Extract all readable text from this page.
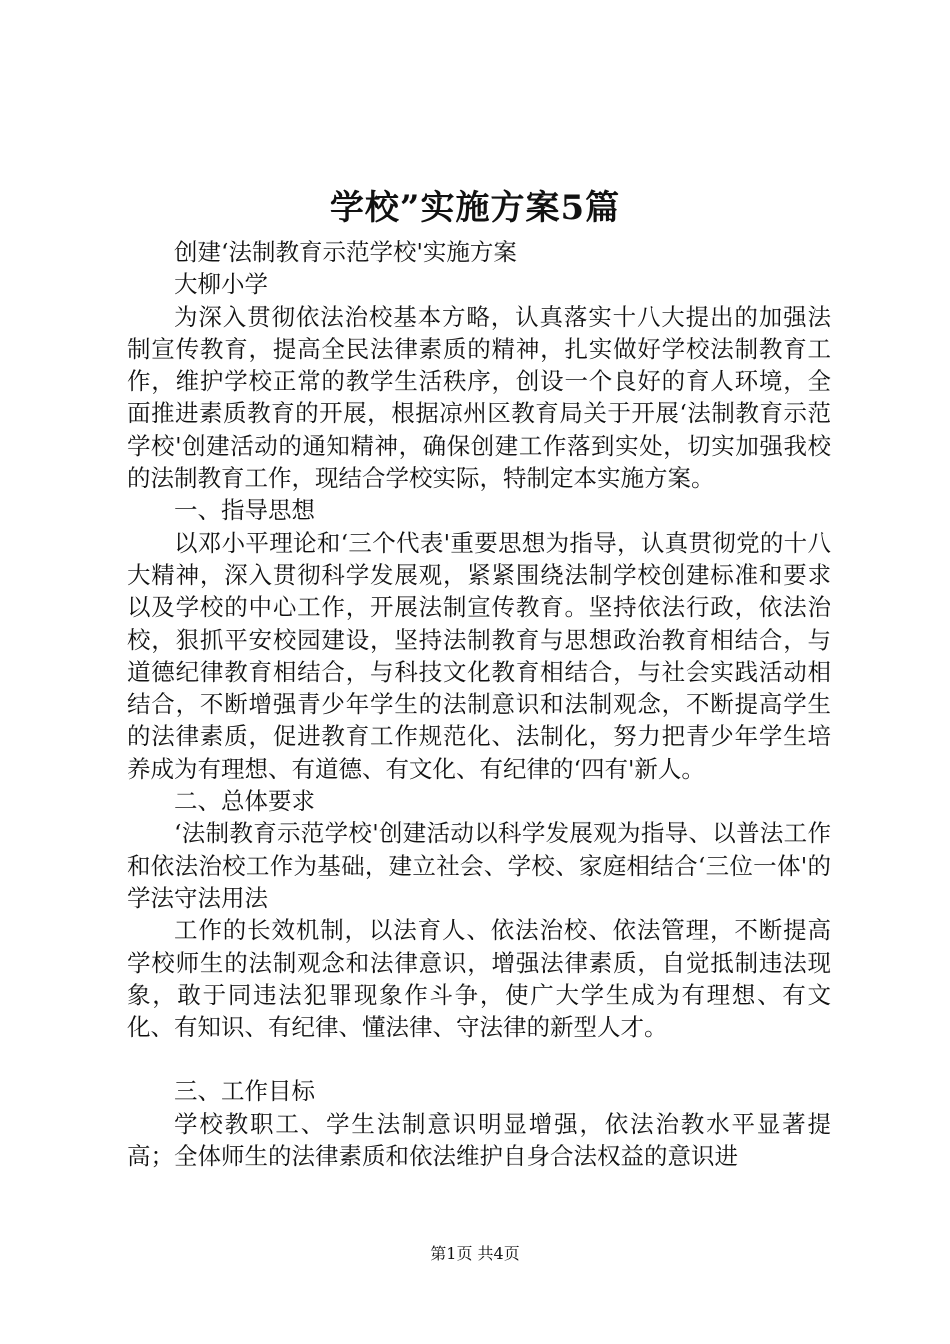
学校”实施方案5篇

创建‘法制教育示范学校'实施方案

大柳小学

为深入贯彻依法治校基本方略，认真落实十八大提出的加强法制宣传教育，提高全民法律素质的精神，扎实做好学校法制教育工作，维护学校正常的教学生活秩序，创设一个良好的育人环境，全面推进素质教育的开展，根据凉州区教育局关于开展‘法制教育示范学校'创建活动的通知精神，确保创建工作落到实处，切实加强我校的法制教育工作，现结合学校实际，特制定本实施方案。

一、指导思想

以邓小平理论和‘三个代表'重要思想为指导，认真贯彻党的十八大精神，深入贯彻科学发展观，紧紧围绕法制学校创建标准和要求以及学校的中心工作，开展法制宣传教育。坚持依法行政，依法治校，狠抓平安校园建设，坚持法制教育与思想政治教育相结合，与道德纪律教育相结合，与科技文化教育相结合，与社会实践活动相结合，不断增强青少年学生的法制意识和法制观念，不断提高学生的法律素质，促进教育工作规范化、法制化，努力把青少年学生培养成为有理想、有道德、有文化、有纪律的‘四有'新人。

二、总体要求

‘法制教育示范学校'创建活动以科学发展观为指导、以普法工作和依法治校工作为基础，建立社会、学校、家庭相结合‘三位一体'的学法守法用法

工作的长效机制，以法育人、依法治校、依法管理，不断提高学校师生的法制观念和法律意识，增强法律素质，自觉抵制违法现象，敢于同违法犯罪现象作斗争，使广大学生成为有理想、有文化、有知识、有纪律、懂法律、守法律的新型人才。

三、工作目标

学校教职工、学生法制意识明显增强，依法治教水平显著提高；全体师生的法律素质和依法维护自身合法权益的意识进

第1页 共4页
